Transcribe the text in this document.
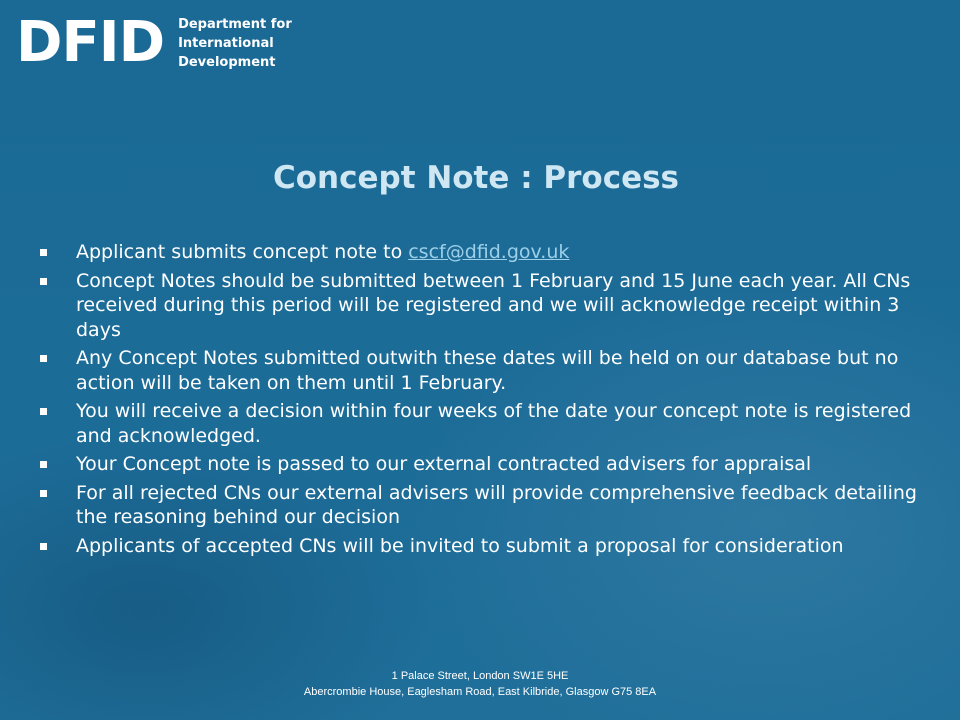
DFID Department for
International
Development
Concept Note : Process
Applicant submits concept note to cscf@dfid.gov.uk
Concept Notes should be submitted between 1 February and 15 June each year. All CNs received during this period will be registered and we will acknowledge receipt within 3 days
Any Concept Notes submitted outwith these dates will be held on our database but no action will be taken on them until 1 February.
You will receive a decision within four weeks of the date your concept note is registered and acknowledged.
Your Concept note is passed to our external contracted advisers for appraisal
For all rejected CNs our external advisers will provide comprehensive feedback detailing the reasoning behind our decision
Applicants of accepted CNs will be invited to submit a proposal for consideration
1 Palace Street, London SW1E 5HE
Abercrombie House, Eaglesham Road, East Kilbride, Glasgow G75 8EA
